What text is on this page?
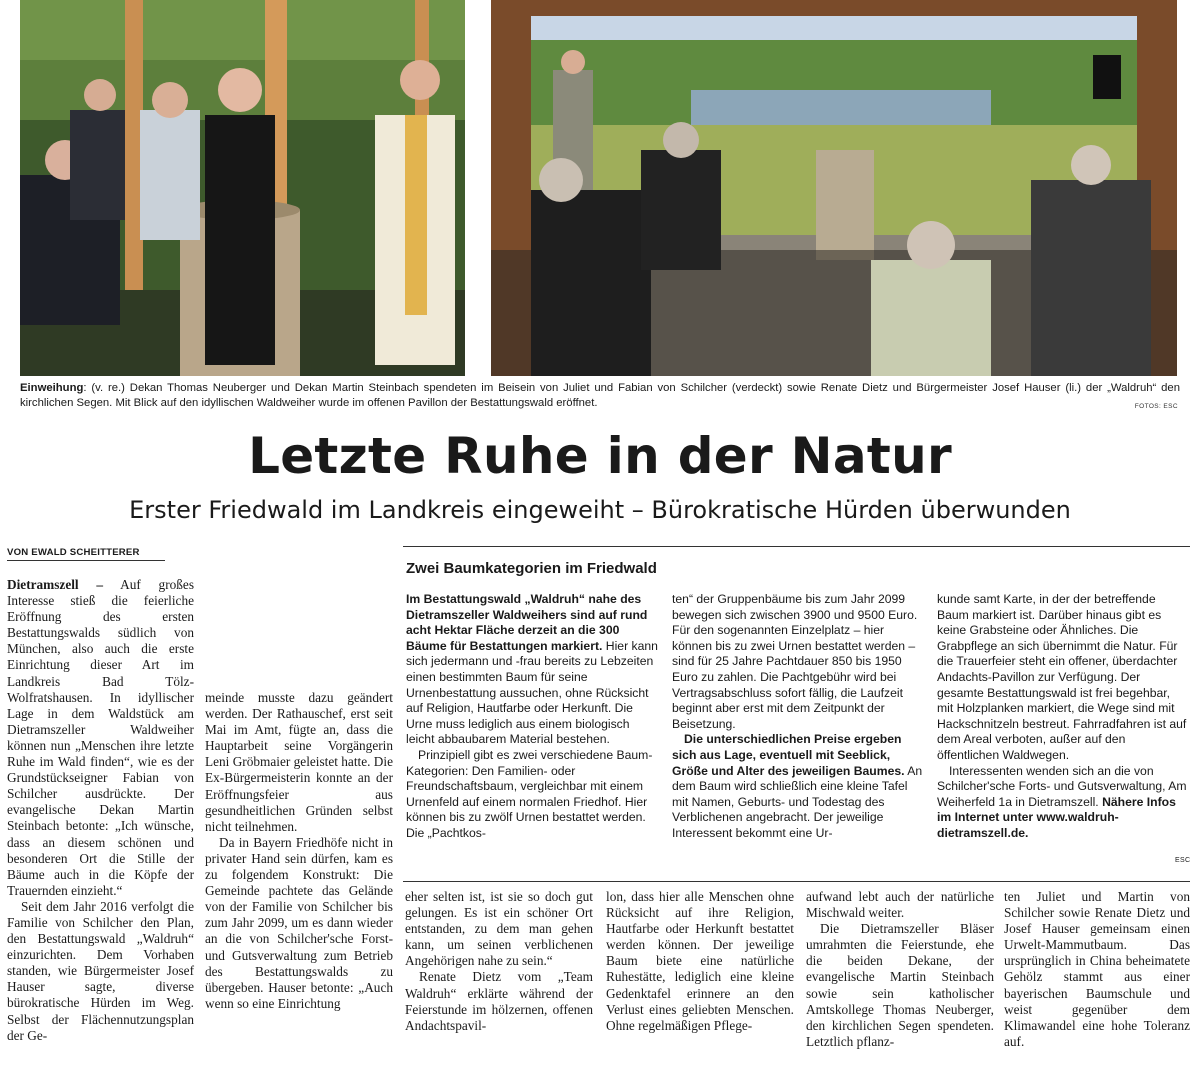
Einweihung: (v. re.) Dekan Thomas Neuberger und Dekan Martin Steinbach spendeten im Beisein von Juliet und Fabian von Schilcher (verdeckt) sowie Renate Dietz und Bürgermeister Josef Hauser (li.) der „Waldruh“ den kirchlichen Segen. Mit Blick auf den idyllischen Waldweiher wurde im offenen Pavillon der Bestattungswald eröffnet.	FOTOS: ESC
Letzte Ruhe in der Natur
Erster Friedwald im Landkreis eingeweiht – Bürokratische Hürden überwunden
VON EWALD SCHEITTERER

Dietramszell – Auf großes Interesse stieß die feierliche Eröffnung des ersten Bestattungswalds südlich von München, also auch die erste Einrichtung dieser Art im Landkreis Bad Tölz-Wolfratshausen. In idyllischer Lage in dem Waldstück am Dietramszeller Waldweiher können nun „Menschen ihre letzte Ruhe im Wald finden“, wie es der Grundstückseigner Fabian von Schilcher ausdrückte. Der evangelische Dekan Martin Steinbach betonte: „Ich wünsche, dass an diesem schönen und besonderen Ort die Stille der Bäume auch in die Köpfe der Trauernden einzieht.“

Seit dem Jahr 2016 verfolgt die Familie von Schilcher den Plan, den Bestattungswald „Waldruh“ einzurichten. Dem Vorhaben standen, wie Bürgermeister Josef Hauser sagte, diverse bürokratische Hürden im Weg. Selbst der Flächennutzungsplan der Ge-

meinde musste dazu geändert werden. Der Rathauschef, erst seit Mai im Amt, fügte an, dass die Hauptarbeit seine Vorgängerin Leni Gröbmaier geleistet hatte. Die Ex-Bürgermeisterin konnte an der Eröffnungsfeier aus gesundheitlichen Gründen selbst nicht teilnehmen.

Da in Bayern Friedhöfe nicht in privater Hand sein dürfen, kam es zu folgendem Konstrukt: Die Gemeinde pachtete das Gelände von der Familie von Schilcher bis zum Jahr 2099, um es dann wieder an die von Schilcher'sche Forst- und Gutsverwaltung zum Betrieb des Bestattungswalds zu übergeben. Hauser betonte: „Auch wenn so eine Einrichtung

Zwei Baumkategorien im Friedwald

Im Bestattungswald „Waldruh“ nahe des Dietramszeller Waldweihers sind auf rund acht Hektar Fläche derzeit an die 300 Bäume für Bestattungen markiert. Hier kann sich jedermann und -frau bereits zu Lebzeiten einen bestimmten Baum für seine Urnenbestattung aussuchen, ohne Rücksicht auf Religion, Hautfarbe oder Herkunft. Die Urne muss lediglich aus einem biologisch leicht abbaubarem Material bestehen.

Prinzipiell gibt es zwei verschiedene Baum-Kategorien: Den Familien- oder Freundschaftsbaum, vergleichbar mit einem Urnenfeld auf einem normalen Friedhof. Hier können bis zu zwölf Urnen bestattet werden. Die „Pachtkos-

ten“ der Gruppenbäume bis zum Jahr 2099 bewegen sich zwischen 3900 und 9500 Euro. Für den sogenannten Einzelplatz – hier können bis zu zwei Urnen bestattet werden – sind für 25 Jahre Pachtdauer 850 bis 1950 Euro zu zahlen. Die Pachtgebühr wird bei Vertragsabschluss sofort fällig, die Laufzeit beginnt aber erst mit dem Zeitpunkt der Beisetzung.

Die unterschiedlichen Preise ergeben sich aus Lage, eventuell mit Seeblick, Größe und Alter des jeweiligen Baumes. An dem Baum wird schließlich eine kleine Tafel mit Namen, Geburts- und Todestag des Verblichenen angebracht. Der jeweilige Interessent bekommt eine Ur-

kunde samt Karte, in der der betreffende Baum markiert ist. Darüber hinaus gibt es keine Grabsteine oder Ähnliches. Die Grabpflege an sich übernimmt die Natur. Für die Trauerfeier steht ein offener, überdachter Andachts-Pavillon zur Verfügung. Der gesamte Bestattungswald ist frei begehbar, mit Holzplanken markiert, die Wege sind mit Hackschnitzeln bestreut. Fahrradfahren ist auf dem Areal verboten, außer auf den öffentlichen Waldwegen.

Interessenten wenden sich an die von Schilcher'sche Forts- und Gutsverwaltung, Am Weiherfeld 1a in Dietramszell. Nähere Infos im Internet unter www.waldruh-dietramszell.de.

ESC

eher selten ist, ist sie so doch gut gelungen. Es ist ein schöner Ort entstanden, zu dem man gehen kann, um seinen verblichenen Angehörigen nahe zu sein.“

Renate Dietz vom „Team Waldruh“ erklärte während der Feierstunde im hölzernen, offenen Andachtspavil-

lon, dass hier alle Menschen ohne Rücksicht auf ihre Religion, Hautfarbe oder Herkunft bestattet werden können. Der jeweilige Baum biete eine natürliche Ruhestätte, lediglich eine kleine Gedenktafel erinnere an den Verlust eines geliebten Menschen. Ohne regelmäßigen Pflege-

aufwand lebt auch der natürliche Mischwald weiter.

Die Dietramszeller Bläser umrahmten die Feierstunde, ehe die beiden Dekane, der evangelische Martin Steinbach sowie sein katholischer Amtskollege Thomas Neuberger, den kirchlichen Segen spendeten. Letztlich pflanz-

ten Juliet und Martin von Schilcher sowie Renate Dietz und Josef Hauser gemeinsam einen Urwelt-Mammutbaum. Das ursprünglich in China beheimatete Gehölz stammt aus einer bayerischen Baumschule und weist gegenüber dem Klimawandel eine hohe Toleranz auf.
